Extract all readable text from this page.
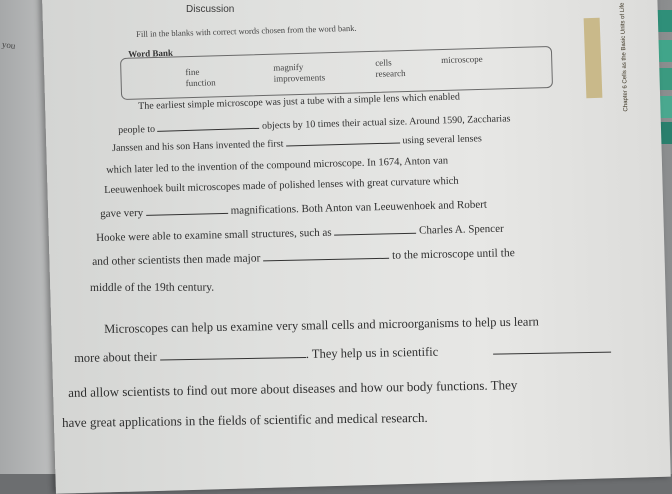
you	Chapter 6 Cells as the Basic Units of Life
Discussion
Fill in the blanks with correct words chosen from the word bank.
Word Bank
fine
function
magnify
improvements
cells
research
microscope
The earliest simple microscope was just a tube with a simple lens which enabled
people to	objects by 10 times their actual size. Around 1590, Zaccharias
Janssen and his son Hans invented the first	using several lenses
which later led to the invention of the compound microscope. In 1674, Anton van
Leeuwenhoek built microscopes made of polished lenses with great curvature which
gave very	magnifications. Both Anton van Leeuwenhoek and Robert
Hooke were able to examine small structures, such as	Charles A. Spencer
and other scientists then made major	to the microscope until the
middle of the 19th century.
Microscopes can help us examine very small cells and microorganisms to help us learn
more about their	. They help us in scientific
and allow scientists to find out more about diseases and how our body functions. They
have great applications in the fields of scientific and medical research.
